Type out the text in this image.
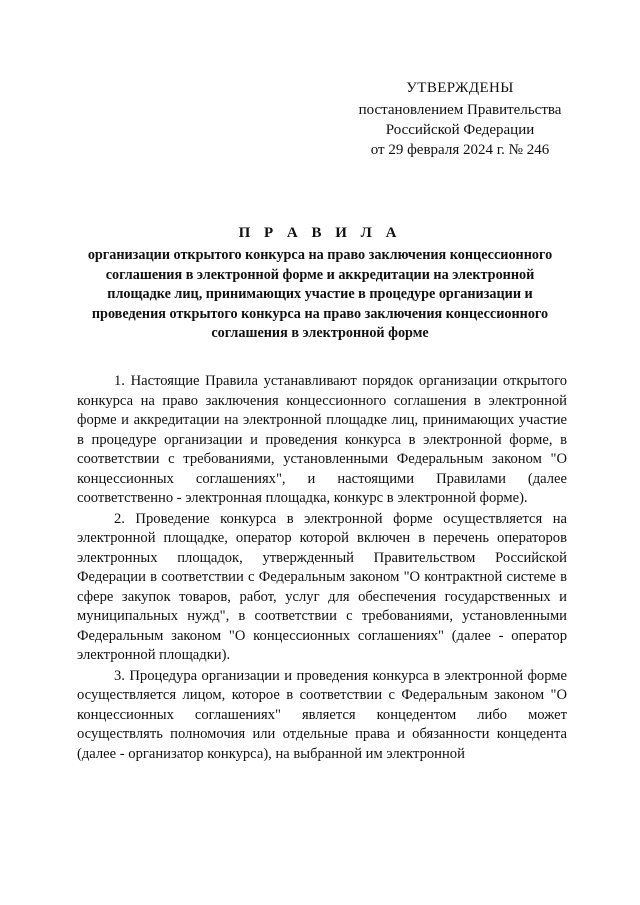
УТВЕРЖДЕНЫ
постановлением Правительства
Российской Федерации
от 29 февраля 2024 г. № 246
П Р А В И Л А
организации открытого конкурса на право заключения концессионного соглашения в электронной форме и аккредитации на электронной площадке лиц, принимающих участие в процедуре организации и проведения открытого конкурса на право заключения концессионного соглашения в электронной форме

1. Настоящие Правила устанавливают порядок организации открытого конкурса на право заключения концессионного соглашения в электронной форме и аккредитации на электронной площадке лиц, принимающих участие в процедуре организации и проведения конкурса в электронной форме, в соответствии с требованиями, установленными Федеральным законом "О концессионных соглашениях", и настоящими Правилами (далее соответственно - электронная площадка, конкурс в электронной форме).

2. Проведение конкурса в электронной форме осуществляется на электронной площадке, оператор которой включен в перечень операторов электронных площадок, утвержденный Правительством Российской Федерации в соответствии с Федеральным законом "О контрактной системе в сфере закупок товаров, работ, услуг для обеспечения государственных и муниципальных нужд", в соответствии с требованиями, установленными Федеральным законом "О концессионных соглашениях" (далее - оператор электронной площадки).

3. Процедура организации и проведения конкурса в электронной форме осуществляется лицом, которое в соответствии с Федеральным законом "О концессионных соглашениях" является концедентом либо может осуществлять полномочия или отдельные права и обязанности концедента (далее - организатор конкурса), на выбранной им электронной
